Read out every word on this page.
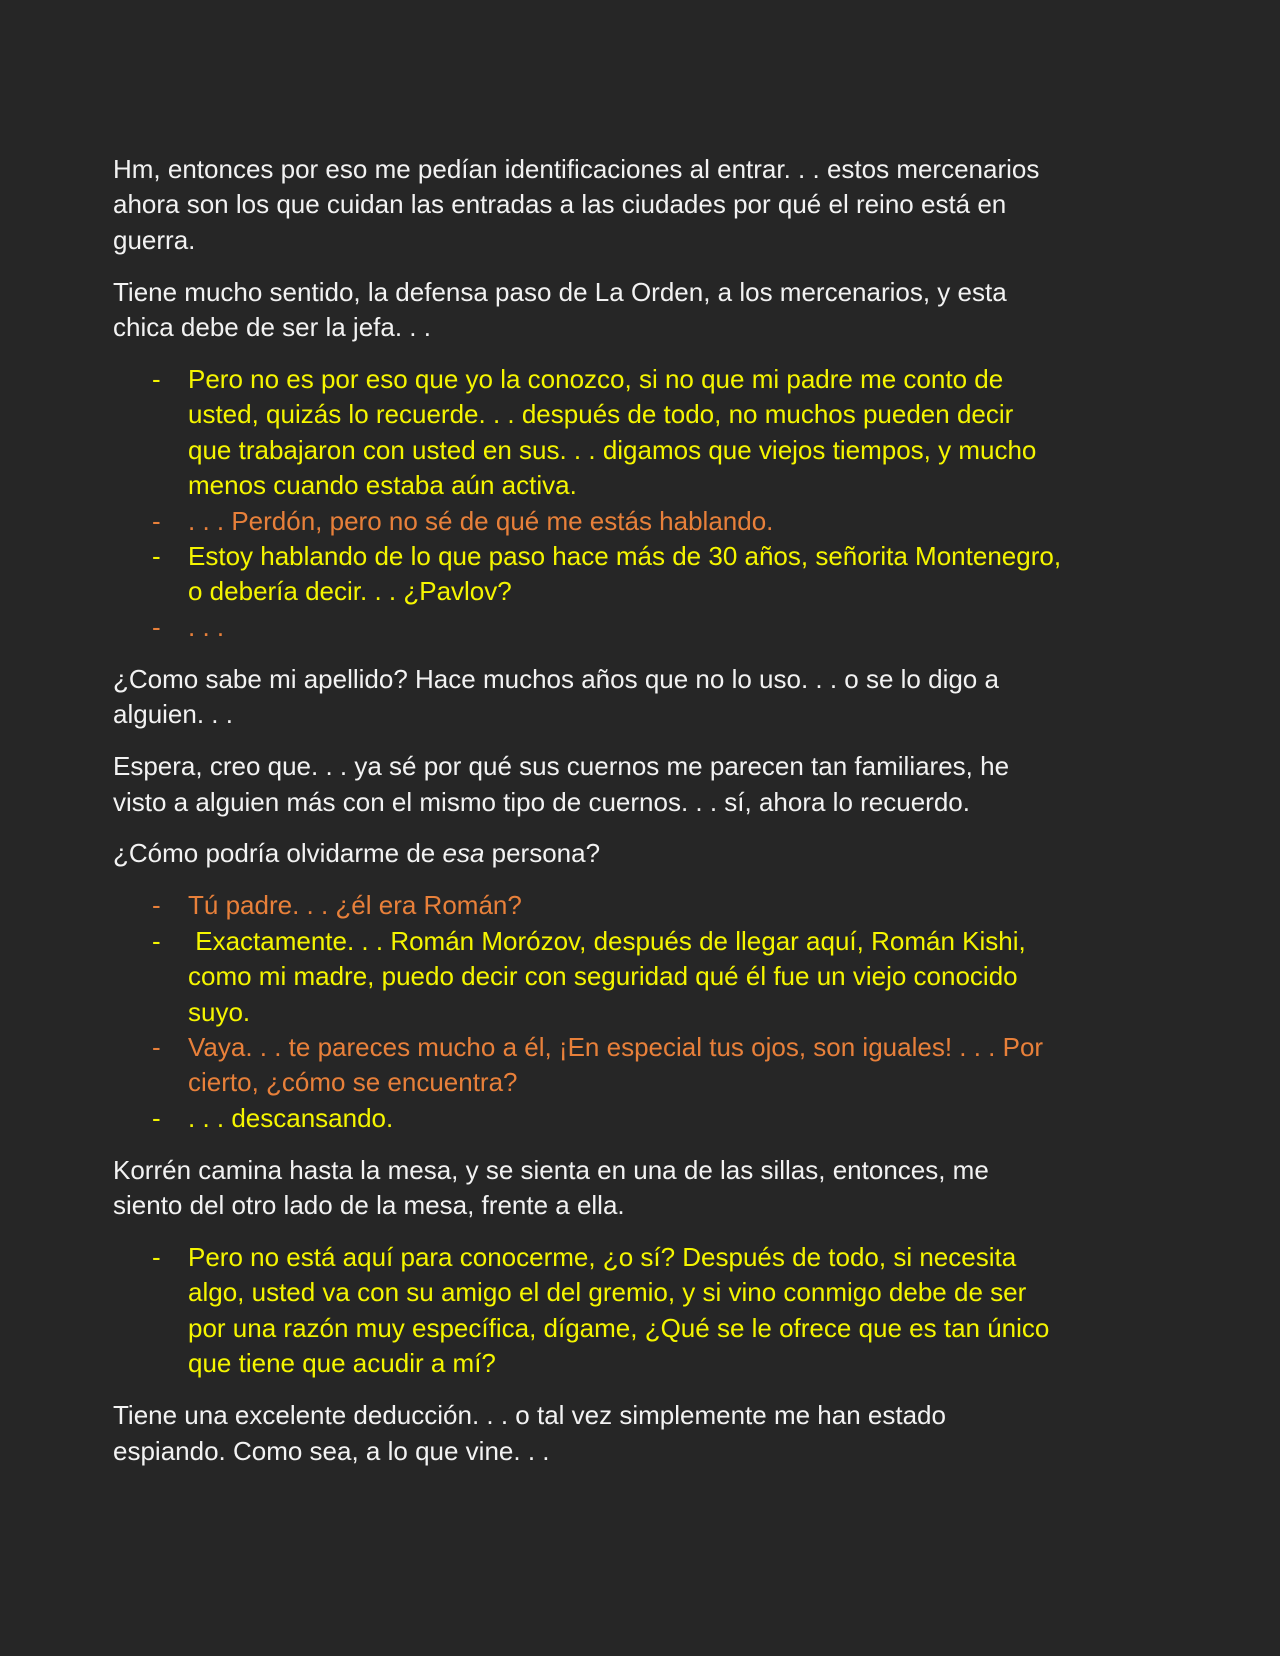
Hm, entonces por eso me pedían identificaciones al entrar. . . estos mercenarios
ahora son los que cuidan las entradas a las ciudades por qué el reino está en
guerra.
Tiene mucho sentido, la defensa paso de La Orden, a los mercenarios, y esta
chica debe de ser la jefa. . .
- Pero no es por eso que yo la conozco, si no que mi padre me conto de
usted, quizás lo recuerde. . . después de todo, no muchos pueden decir
que trabajaron con usted en sus. . . digamos que viejos tiempos, y mucho
menos cuando estaba aún activa.
- . . . Perdón, pero no sé de qué me estás hablando.
- Estoy hablando de lo que paso hace más de 30 años, señorita Montenegro,
o debería decir. . . ¿Pavlov?
- . . .
¿Como sabe mi apellido? Hace muchos años que no lo uso. . . o se lo digo a
alguien. . .
Espera, creo que. . . ya sé por qué sus cuernos me parecen tan familiares, he
visto a alguien más con el mismo tipo de cuernos. . . sí, ahora lo recuerdo.
¿Cómo podría olvidarme de esa persona?
- Tú padre. . . ¿él era Román?
- Exactamente. . . Román Morózov, después de llegar aquí, Román Kishi,
como mi madre, puedo decir con seguridad qué él fue un viejo conocido
suyo.
- Vaya. . . te pareces mucho a él, ¡En especial tus ojos, son iguales! . . . Por
cierto, ¿cómo se encuentra?
- . . . descansando.
Korrén camina hasta la mesa, y se sienta en una de las sillas, entonces, me
siento del otro lado de la mesa, frente a ella.
- Pero no está aquí para conocerme, ¿o sí? Después de todo, si necesita
algo, usted va con su amigo el del gremio, y si vino conmigo debe de ser
por una razón muy específica, dígame, ¿Qué se le ofrece que es tan único
que tiene que acudir a mí?
Tiene una excelente deducción. . . o tal vez simplemente me han estado
espiando. Como sea, a lo que vine. . .
